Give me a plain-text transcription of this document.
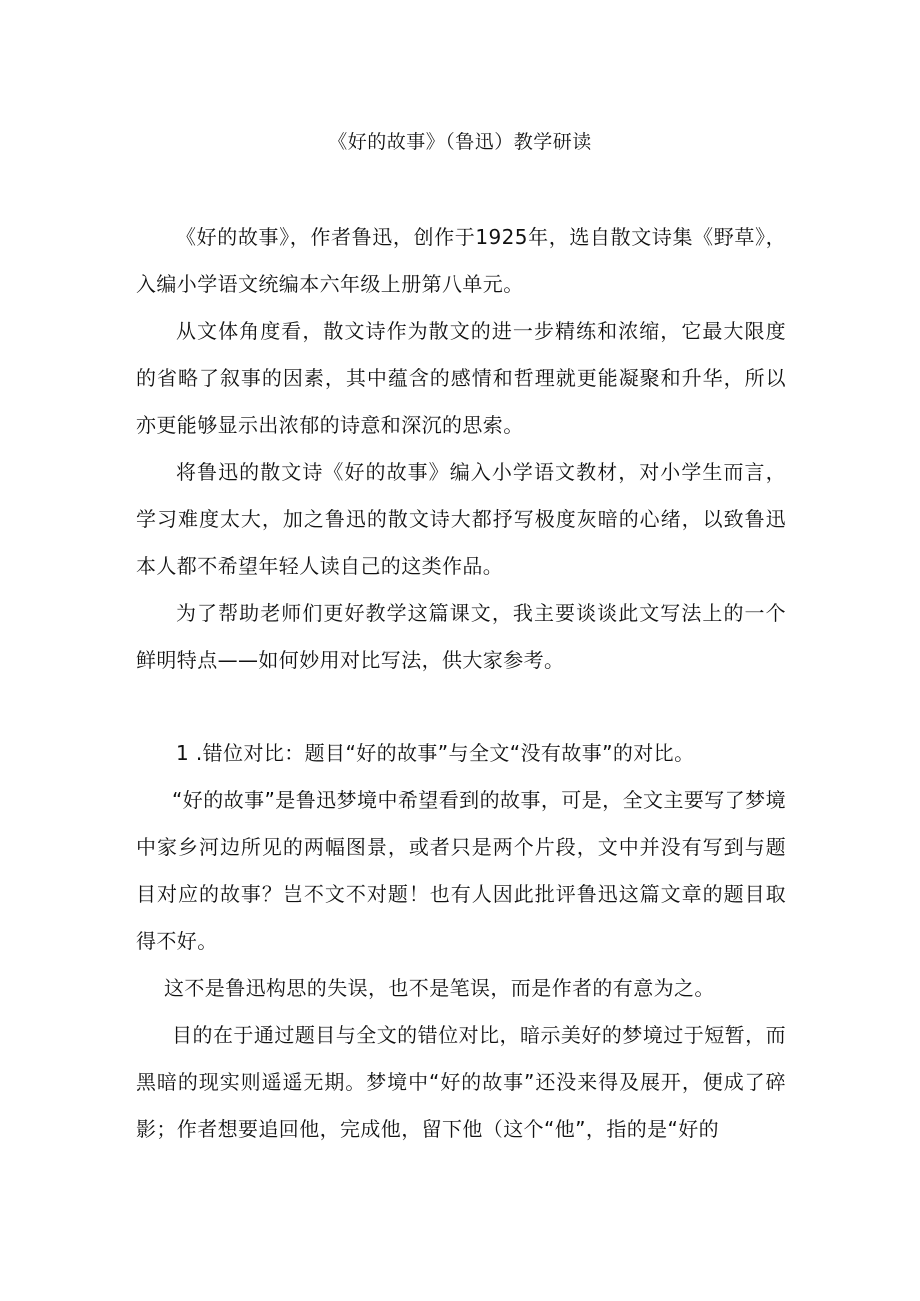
《好的故事》（鲁迅）教学研读

《好的故事》，作者鲁迅，创作于1925年，选自散文诗集《野草》，入编小学语文统编本六年级上册第八单元。

从文体角度看，散文诗作为散文的进一步精练和浓缩，它最大限度的省略了叙事的因素，其中蕴含的感情和哲理就更能凝聚和升华，所以亦更能够显示出浓郁的诗意和深沉的思索。

将鲁迅的散文诗《好的故事》编入小学语文教材，对小学生而言，学习难度太大，加之鲁迅的散文诗大都抒写极度灰暗的心绪，以致鲁迅本人都不希望年轻人读自己的这类作品。

为了帮助老师们更好教学这篇课文，我主要谈谈此文写法上的一个鲜明特点——如何妙用对比写法，供大家参考。

1 .错位对比：题目“好的故事”与全文“没有故事”的对比。

“好的故事”是鲁迅梦境中希望看到的故事，可是，全文主要写了梦境中家乡河边所见的两幅图景，或者只是两个片段，文中并没有写到与题目对应的故事？岂不文不对题！也有人因此批评鲁迅这篇文章的题目取得不好。

这不是鲁迅构思的失误，也不是笔误，而是作者的有意为之。

目的在于通过题目与全文的错位对比，暗示美好的梦境过于短暂，而黑暗的现实则遥遥无期。梦境中“好的故事”还没来得及展开，便成了碎影；作者想要追回他，完成他，留下他（这个“他”，指的是“好的
